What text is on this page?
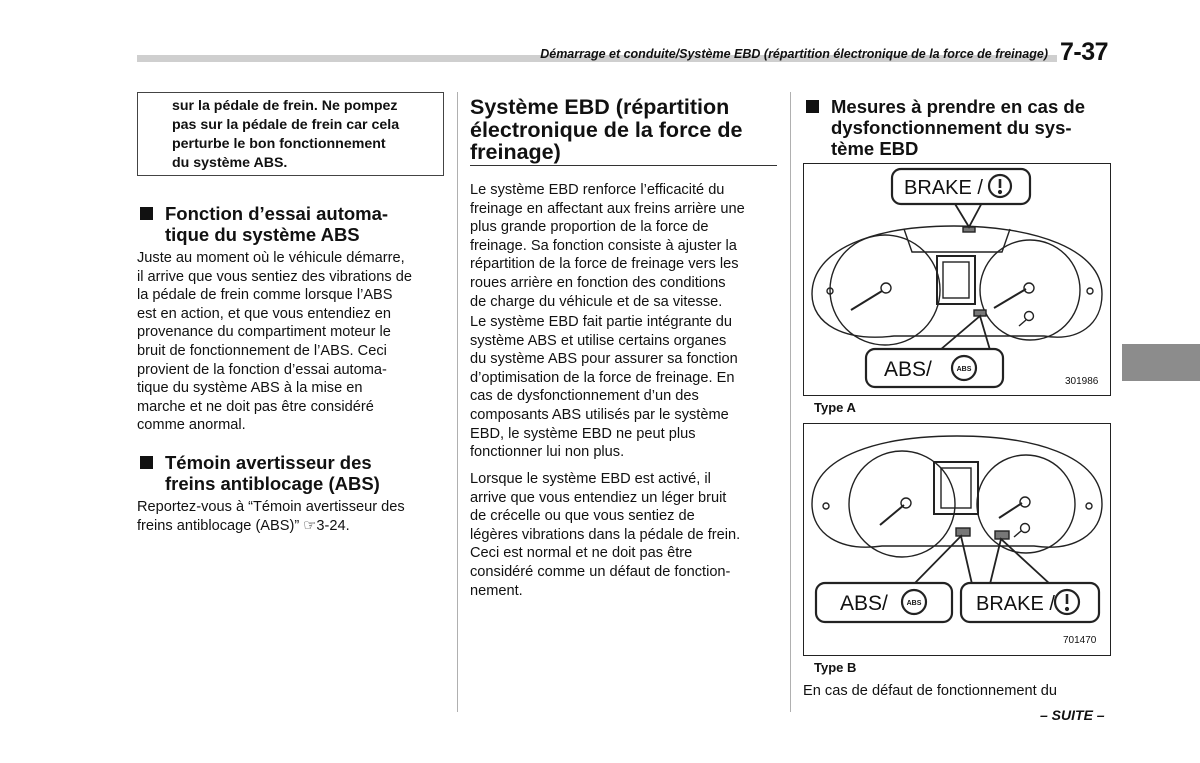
Démarrage et conduite/Système EBD (répartition électronique de la force de freinage) 7-37
sur la pédale de frein. Ne pompez
pas sur la pédale de frein car cela
perturbe le bon fonctionnement
du système ABS.
Fonction d’essai automa-
tique du système ABS
Juste au moment où le véhicule démarre,
il arrive que vous sentiez des vibrations de
la pédale de frein comme lorsque l’ABS
est en action, et que vous entendiez en
provenance du compartiment moteur le
bruit de fonctionnement de l’ABS. Ceci
provient de la fonction d’essai automa-
tique du système ABS à la mise en
marche et ne doit pas être considéré
comme anormal.
Témoin avertisseur des
freins antiblocage (ABS)
Reportez-vous à “Témoin avertisseur des
freins antiblocage (ABS)” ☞3-24.
Système EBD (répartition
électronique de la force de
freinage)
Le système EBD renforce l’efficacité du
freinage en affectant aux freins arrière une
plus grande proportion de la force de
freinage. Sa fonction consiste à ajuster la
répartition de la force de freinage vers les
roues arrière en fonction des conditions
de charge du véhicule et de sa vitesse.
Le système EBD fait partie intégrante du
système ABS et utilise certains organes
du système ABS pour assurer sa fonction
d’optimisation de la force de freinage. En
cas de dysfonctionnement d’un des
composants ABS utilisés par le système
EBD, le système EBD ne peut plus
fonctionner lui non plus.
Lorsque le système EBD est activé, il
arrive que vous entendiez un léger bruit
de crécelle ou que vous sentiez de
légères vibrations dans la pédale de frein.
Ceci est normal et ne doit pas être
considéré comme un défaut de fonction-
nement.
Mesures à prendre en cas de
dysfonctionnement du sys-
tème EBD
BRAKE /
ABS/	ABS
301986
Type A
ABS/	ABS	BRAKE /
701470
Type B
En cas de défaut de fonctionnement du
– SUITE –
